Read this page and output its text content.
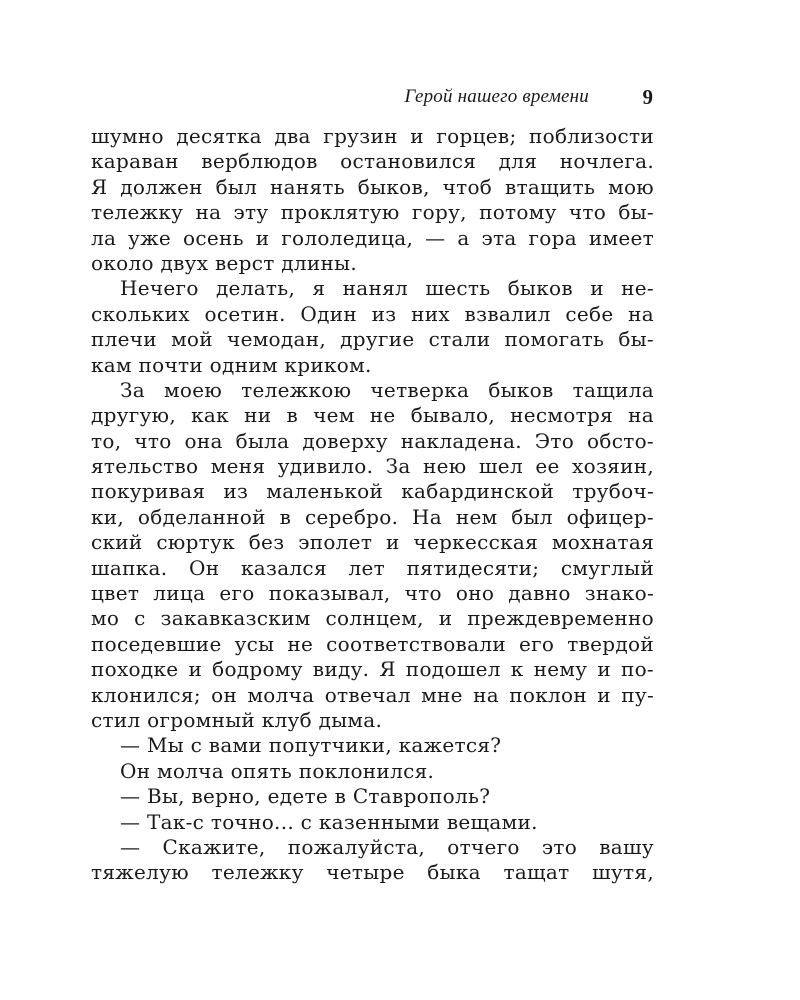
Герой нашего времени	9
шумно десятка два грузин и горцев; поблизости
караван верблюдов остановился для ночлега.
Я должен был нанять быков, чтоб втащить мою
тележку на эту проклятую гору, потому что бы-
ла уже осень и гололедица, — а эта гора имеет
около двух верст длины.
Нечего делать, я нанял шесть быков и не-
скольких осетин. Один из них взвалил себе на
плечи мой чемодан, другие стали помогать бы-
кам почти одним криком.
За моею тележкою четверка быков тащила
другую, как ни в чем не бывало, несмотря на
то, что она была доверху накладена. Это обсто-
ятельство меня удивило. За нею шел ее хозяин,
покуривая из маленькой кабардинской трубоч-
ки, обделанной в серебро. На нем был офицер-
ский сюртук без эполет и черкесская мохнатая
шапка. Он казался лет пятидесяти; смуглый
цвет лица его показывал, что оно давно знако-
мо с закавказским солнцем, и преждевременно
поседевшие усы не соответствовали его твердой
походке и бодрому виду. Я подошел к нему и по-
клонился; он молча отвечал мне на поклон и пу-
стил огромный клуб дыма.
— Мы с вами попутчики, кажется?
Он молча опять поклонился.
— Вы, верно, едете в Ставрополь?
— Так-с точно... с казенными вещами.
— Скажите, пожалуйста, отчего это вашу
тяжелую тележку четыре быка тащат шутя,
